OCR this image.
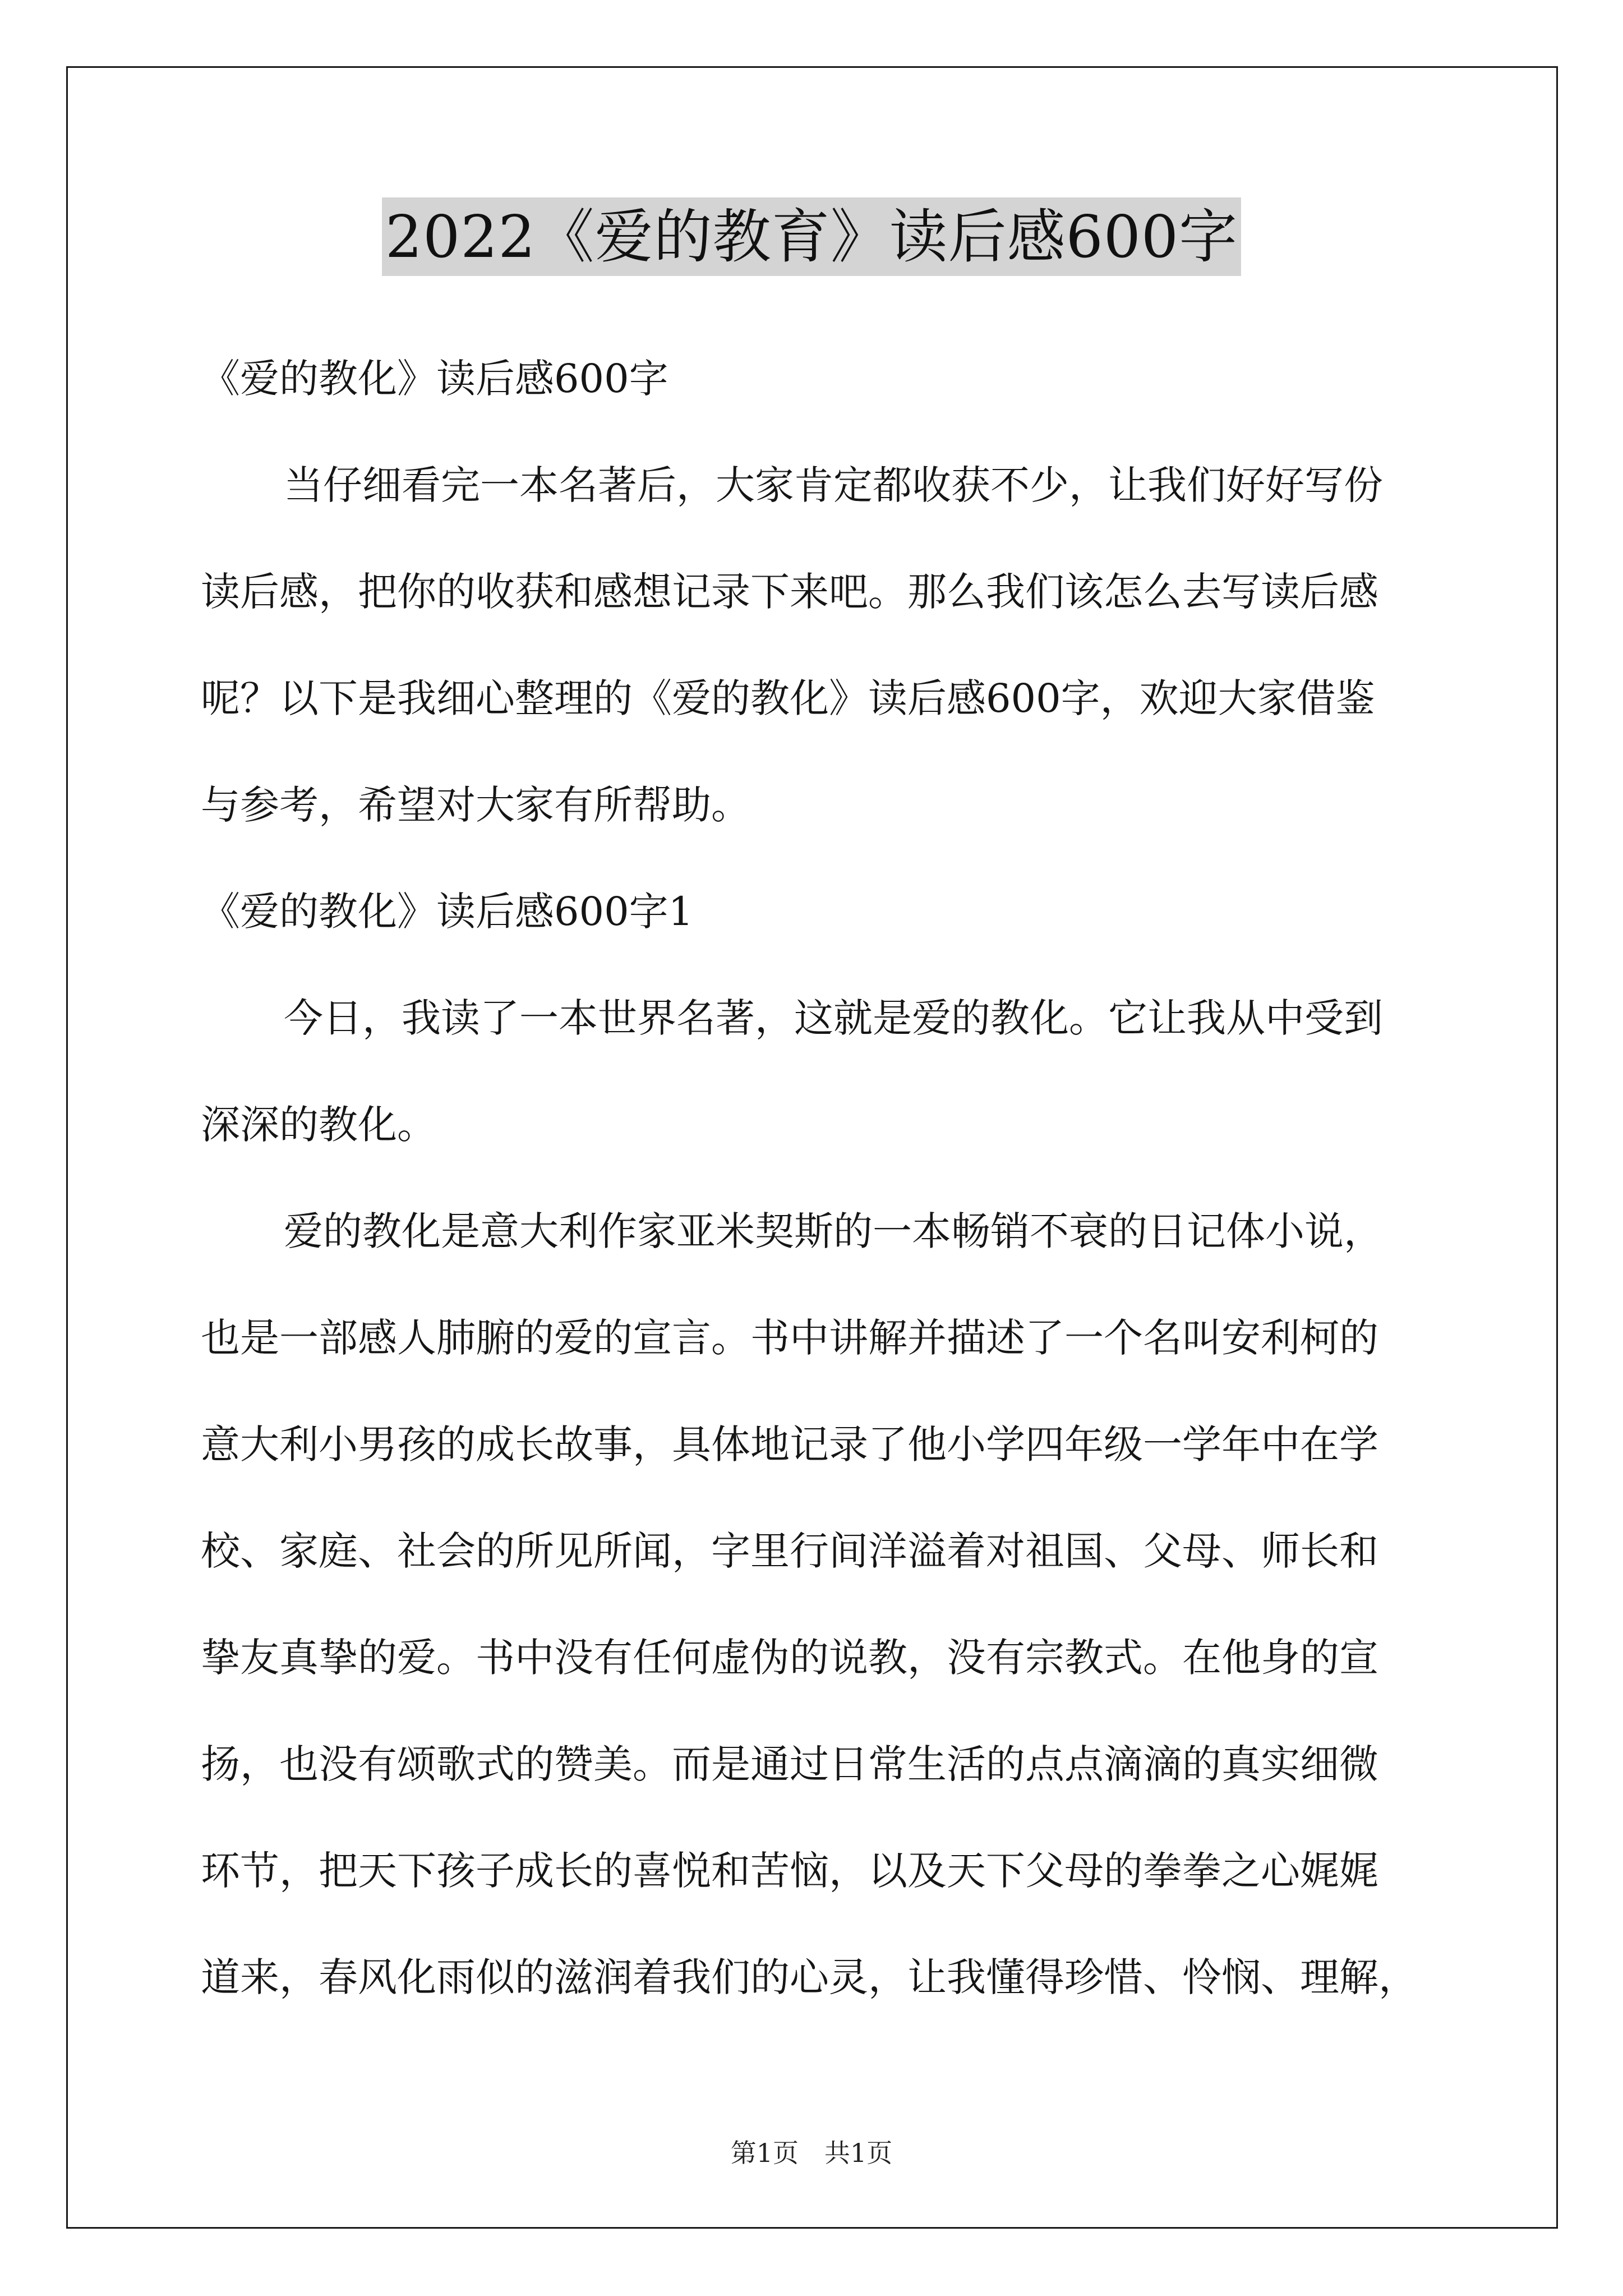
2022《爱的教育》读后感600字
《爱的教化》读后感600字
当仔细看完一本名著后，大家肯定都收获不少，让我们好好写份
读后感，把你的收获和感想记录下来吧。那么我们该怎么去写读后感
呢？以下是我细心整理的《爱的教化》读后感600字，欢迎大家借鉴
与参考，希望对大家有所帮助。
《爱的教化》读后感600字1
今日，我读了一本世界名著，这就是爱的教化。它让我从中受到
深深的教化。
爱的教化是意大利作家亚米契斯的一本畅销不衰的日记体小说，
也是一部感人肺腑的爱的宣言。书中讲解并描述了一个名叫安利柯的
意大利小男孩的成长故事，具体地记录了他小学四年级一学年中在学
校、家庭、社会的所见所闻，字里行间洋溢着对祖国、父母、师长和
挚友真挚的爱。书中没有任何虚伪的说教，没有宗教式。在他身的宣
扬，也没有颂歌式的赞美。而是通过日常生活的点点滴滴的真实细微
环节，把天下孩子成长的喜悦和苦恼，以及天下父母的拳拳之心娓娓
道来，春风化雨似的滋润着我们的心灵，让我懂得珍惜、怜悯、理解，
第1页 共1页
